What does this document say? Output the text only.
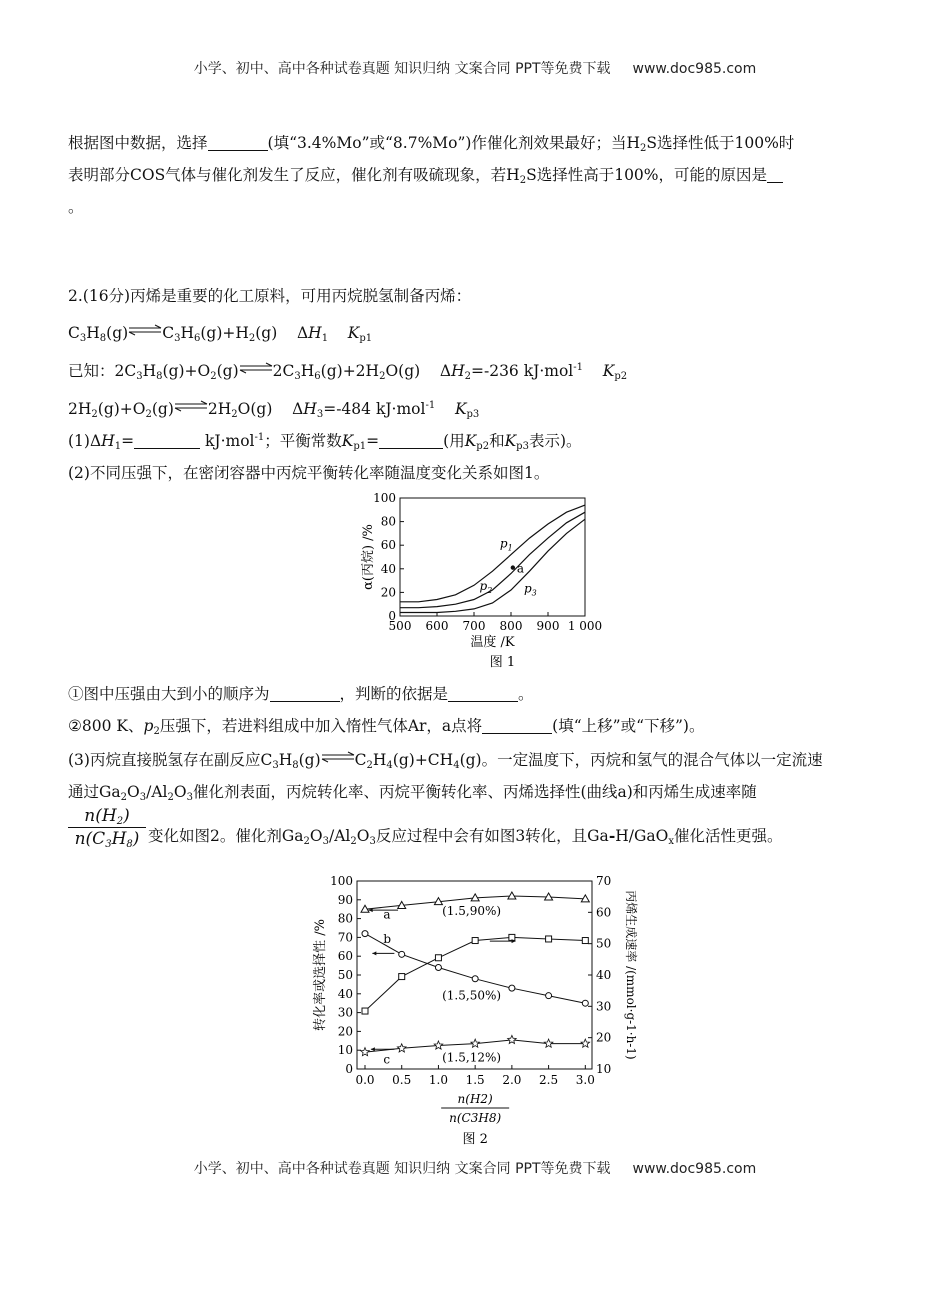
小学、初中、高中各种试卷真题 知识归纳 文案合同 PPT等免费下载 www.doc985.com
根据图中数据，选择	(填“3.4%Mo”或“8.7%Mo”)作催化剂效果最好；当$H_2S$选择性低于100%时
表明部分COS气体与催化剂发生了反应，催化剂有吸硫现象，若$H_2S$选择性高于100%，可能的原因是
。
2.(16分)丙烯是重要的化工原料，可用丙烷脱氢制备丙烯：
$C_3H_8(g)\rightleftharpoons C_3H_6(g)+H_2(g)$    $\Delta H_1$ $K_{p1}$
已知：$2C_3H_8(g)+O_2(g)\rightleftharpoons 2C_3H_6(g)+2H_2O(g)$    $\Delta H_2=-236$ kJ·mol$^{-1}$ $K_{p2}$
$2H_2(g)+O_2(g)\rightleftharpoons 2H_2O(g)$    $\Delta H_3=-484$ kJ·mol$^{-1}$ $K_{p3}$
$(1)\Delta H_1=$	kJ·mol$^{-1}$；平衡常数$K_{p1}=$	(用$K_{p2}$和$K_{p3}$表示)。
(2)不同压强下，在密闭容器中丙烷平衡转化率随温度变化关系如图1。
500 600 700 800 900 1 000
0
20
40
60
80
100
温度 /K
α(丙烷) /%
图 1
$p_1$
$p_2$	$p_3$
a
①图中压强由大到小的顺序为	，判断的依据是	。
②800 K、$p_2$压强下，若进料组成中加入惰性气体Ar，a点将	(填“上移”或“下移”)。
(3)丙烷直接脱氢存在副反应$C_3H_8(g)\rightleftharpoons C_2H_4(g)+CH_4(g)$。一定温度下，丙烷和氢气的混合气体以一定流速
通过$Ga_2O_3/Al_2O_3$催化剂表面，丙烷转化率、丙烷平衡转化率、丙烯选择性(曲线a)和丙烯生成速率随
$\frac{n(H_2)}{n(C_3H_8)}$ 变化如图2。催化剂$Ga_2O_3/Al_2O_3$反应过程中会有如图3转化，且Ga-H/GaO$_x$催化活性更强。
0.0 0.5 1.0 1.5 2.0 2.5 3.0
0
10
20
30
40
50
60
70
80
90
100
10
20
30
40
50
60
70
转化率或选择性 /%	丙烯生成速率 /(mmol·g-1·h-1)
a
b
c
(1.5,90%)
(1.5,50%)
(1.5,12%)
n(H2)
n(C3H8)
图 2
小学、初中、高中各种试卷真题 知识归纳 文案合同 PPT等免费下载 www.doc985.com
